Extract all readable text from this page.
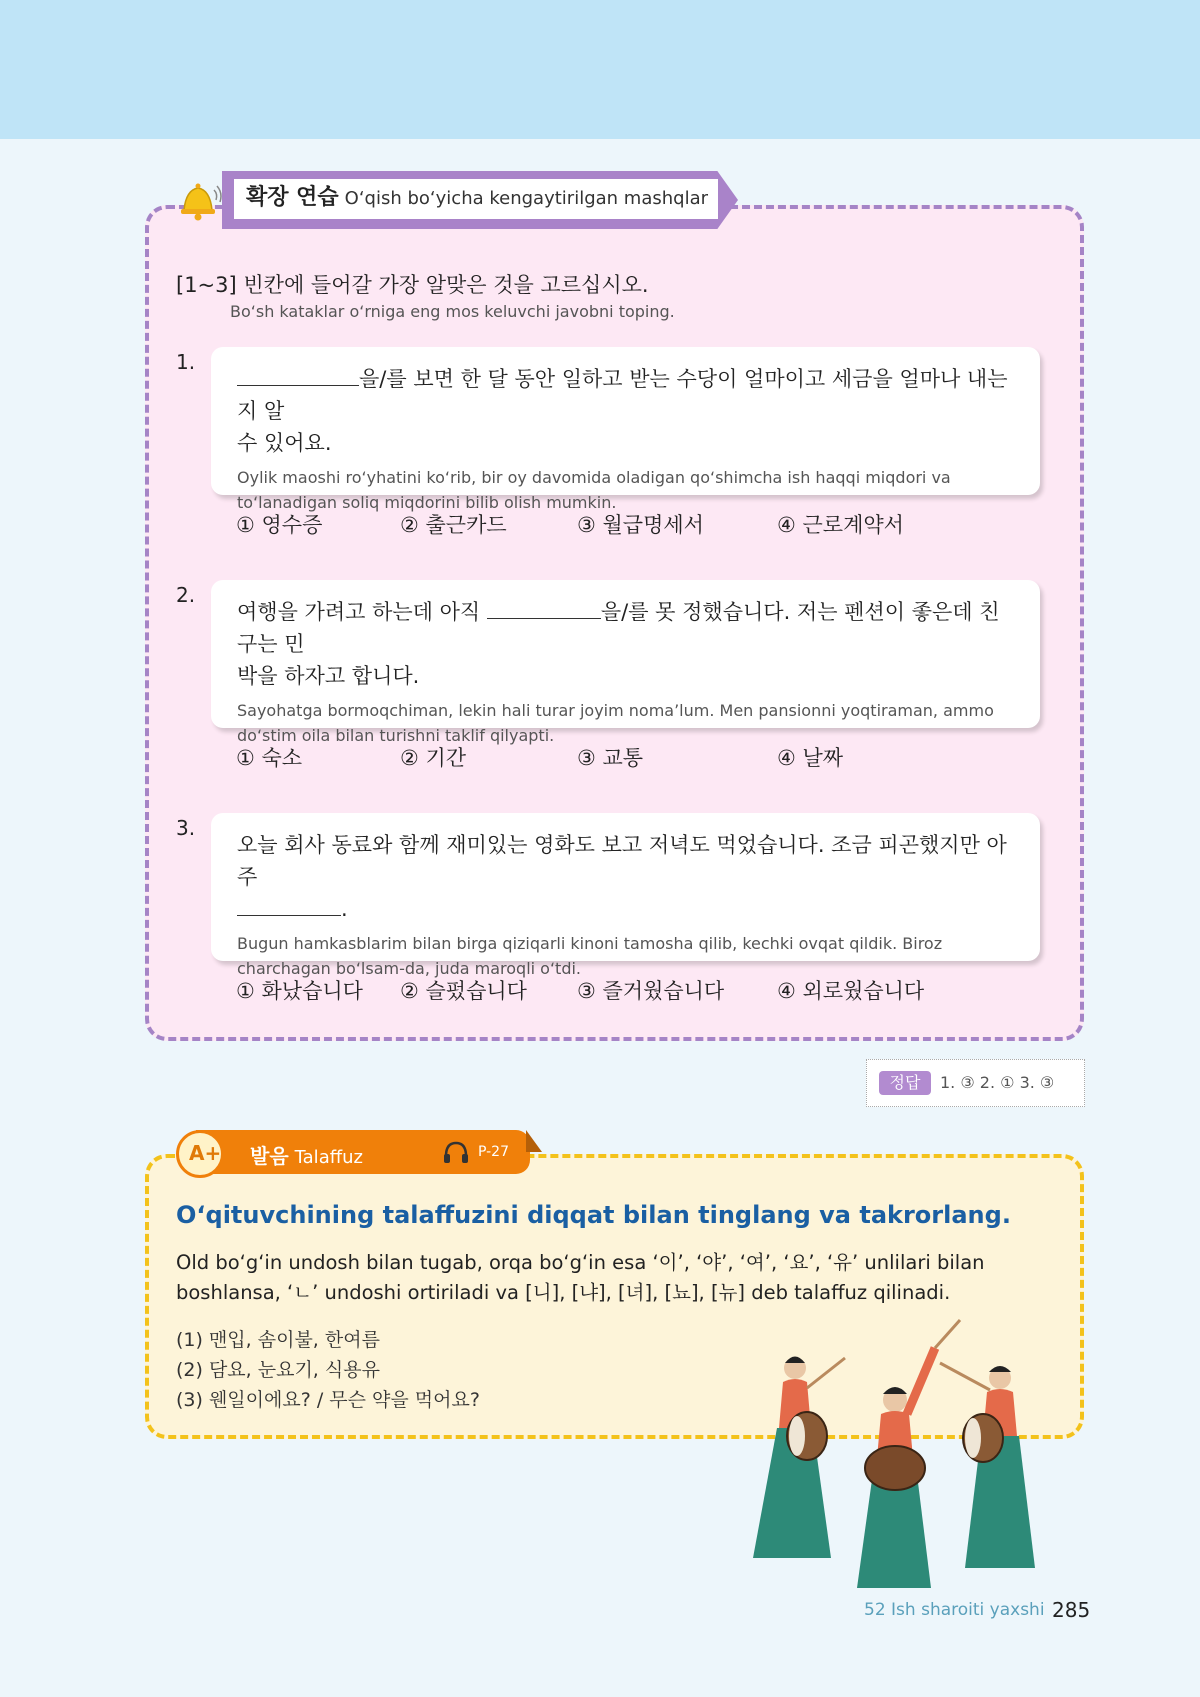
확장 연습 O‘qish bo‘yicha kengaytirilgan mashqlar
[1~3] 빈칸에 들어갈 가장 알맞은 것을 고르십시오.
Bo‘sh kataklar o‘rniga eng mos keluvchi javobni toping.
1.
을/를 보면 한 달 동안 일하고 받는 수당이 얼마이고 세금을 얼마나 내는지 알
수 있어요.
Oylik maoshi ro‘yhatini ko‘rib, bir oy davomida oladigan qo‘shimcha ish haqqi miqdori va to‘lanadigan soliq miqdorini bilib olish mumkin.
① 영수증	② 출근카드	③ 월급명세서	④ 근로계약서
2.
여행을 가려고 하는데 아직	을/를 못 정했습니다. 저는 펜션이 좋은데 친구는 민
박을 하자고 합니다.
Sayohatga bormoqchiman, lekin hali turar joyim noma’lum. Men pansionni yoqtiraman, ammo do‘stim oila bilan turishni taklif qilyapti.
① 숙소	② 기간	③ 교통	④ 날짜
3.
오늘 회사 동료와 함께 재미있는 영화도 보고 저녁도 먹었습니다. 조금 피곤했지만 아주
.
Bugun hamkasblarim bilan birga qiziqarli kinoni tamosha qilib, kechki ovqat qildik. Biroz charchagan bo‘lsam-da, juda maroqli o‘tdi.
① 화났습니다 ② 슬펐습니다 ③ 즐거웠습니다	④ 외로웠습니다
정답	1. ③ 2. ① 3. ③
A+ 발음 Talaffuz	P-27
O‘qituvchining talaffuzini diqqat bilan tinglang va takrorlang.
Old bo‘g‘in undosh bilan tugab, orqa bo‘g‘in esa ‘이’, ‘야’, ‘여’, ‘요’, ‘유’ unlilari bilan boshlansa, ‘ㄴ’ undoshi ortiriladi va [니], [냐], [녀], [뇨], [뉴] deb talaffuz qilinadi.
(1) 맨입, 솜이불, 한여름
(2) 담요, 눈요기, 식용유
(3) 웬일이에요? / 무슨 약을 먹어요?
52 Ish sharoiti yaxshi 285
